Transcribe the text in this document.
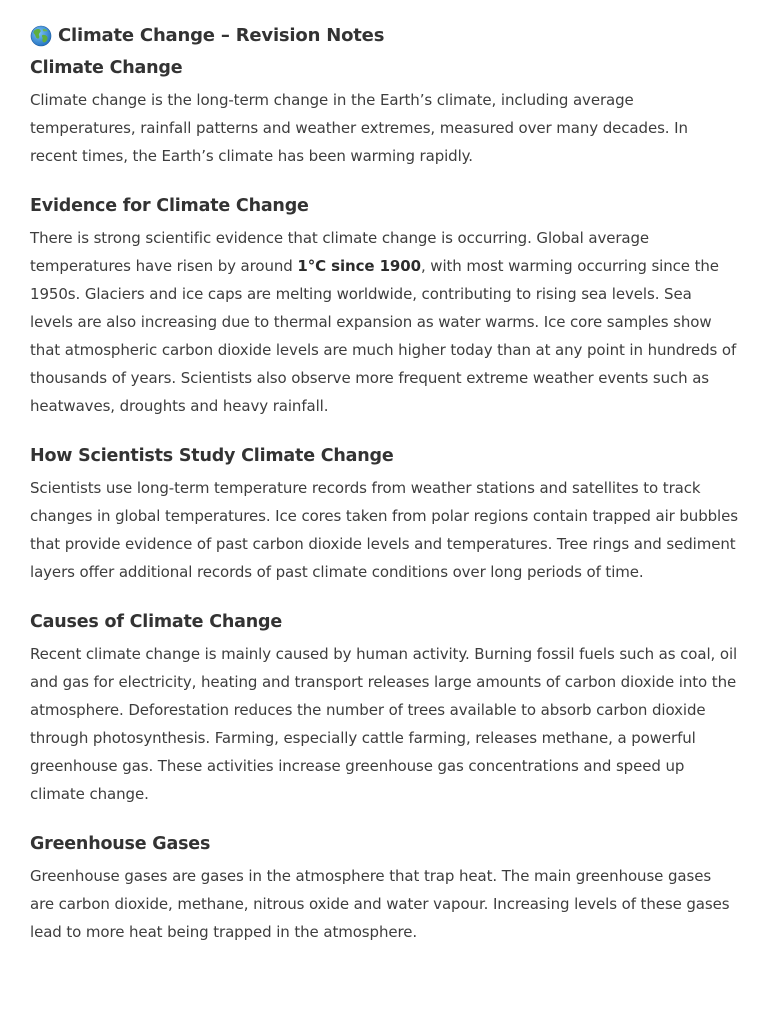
Climate Change – Revision Notes
Climate Change

Climate change is the long-term change in the Earth’s climate, including average temperatures, rainfall patterns and weather extremes, measured over many decades. In recent times, the Earth’s climate has been warming rapidly.

Evidence for Climate Change

There is strong scientific evidence that climate change is occurring. Global average temperatures have risen by around 1°C since 1900, with most warming occurring since the 1950s. Glaciers and ice caps are melting worldwide, contributing to rising sea levels. Sea levels are also increasing due to thermal expansion as water warms. Ice core samples show that atmospheric carbon dioxide levels are much higher today than at any point in hundreds of thousands of years. Scientists also observe more frequent extreme weather events such as heatwaves, droughts and heavy rainfall.

How Scientists Study Climate Change

Scientists use long-term temperature records from weather stations and satellites to track changes in global temperatures. Ice cores taken from polar regions contain trapped air bubbles that provide evidence of past carbon dioxide levels and temperatures. Tree rings and sediment layers offer additional records of past climate conditions over long periods of time.

Causes of Climate Change

Recent climate change is mainly caused by human activity. Burning fossil fuels such as coal, oil and gas for electricity, heating and transport releases large amounts of carbon dioxide into the atmosphere. Deforestation reduces the number of trees available to absorb carbon dioxide through photosynthesis. Farming, especially cattle farming, releases methane, a powerful greenhouse gas. These activities increase greenhouse gas concentrations and speed up climate change.

Greenhouse Gases

Greenhouse gases are gases in the atmosphere that trap heat. The main greenhouse gases are carbon dioxide, methane, nitrous oxide and water vapour. Increasing levels of these gases lead to more heat being trapped in the atmosphere.
